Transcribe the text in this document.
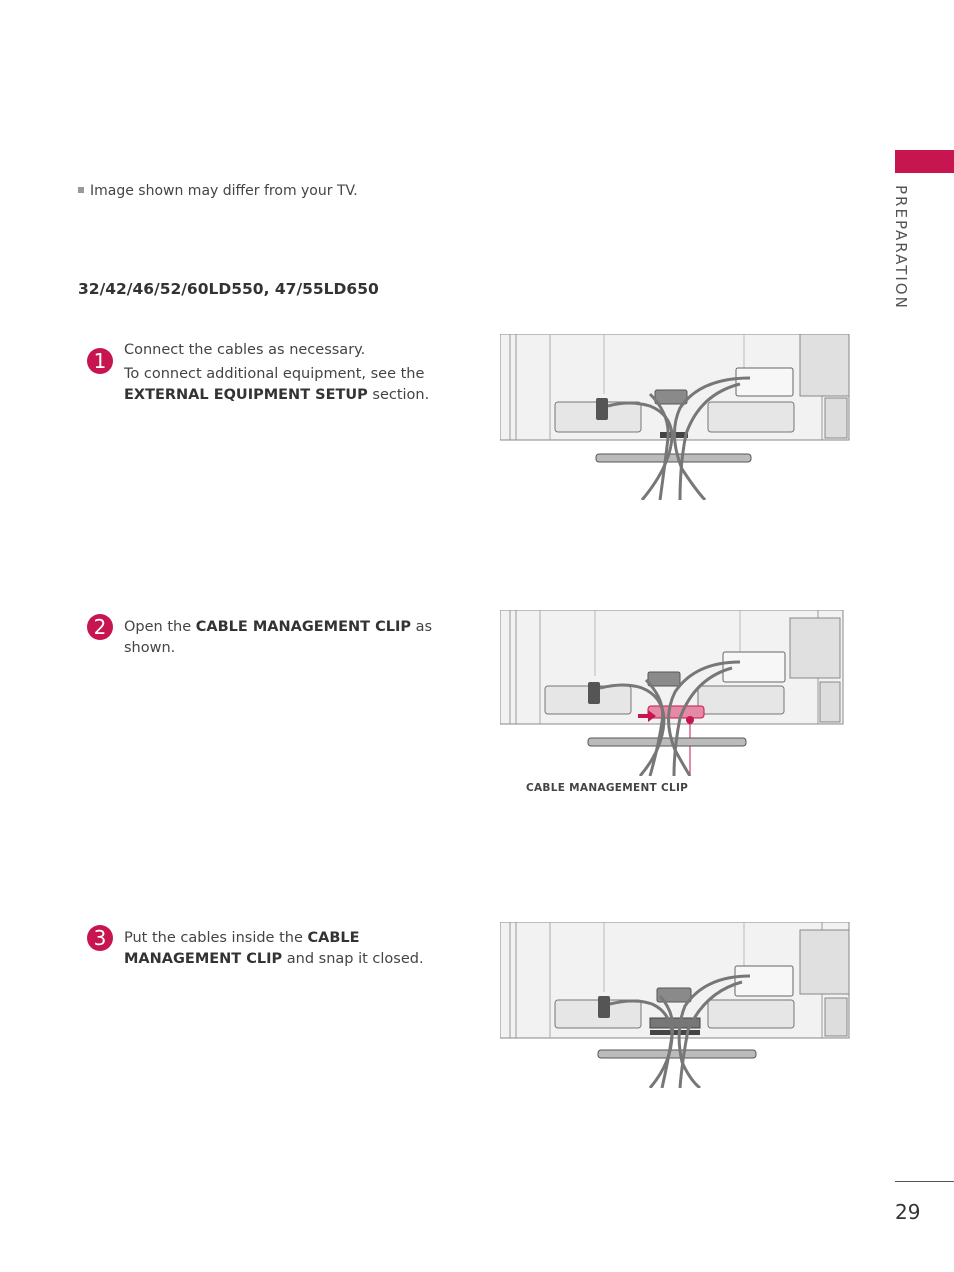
PREPARATION
Image shown may differ from your TV.
32/42/46/52/60LD550, 47/55LD650
1	Connect the cables as necessary.

To connect additional equipment, see the EXTERNAL EQUIPMENT SETUP section.

2	Open the CABLE MANAGEMENT CLIP as shown.

CABLE MANAGEMENT CLIP
3	Put the cables inside the CABLE MANAGEMENT CLIP and snap it closed.

29
